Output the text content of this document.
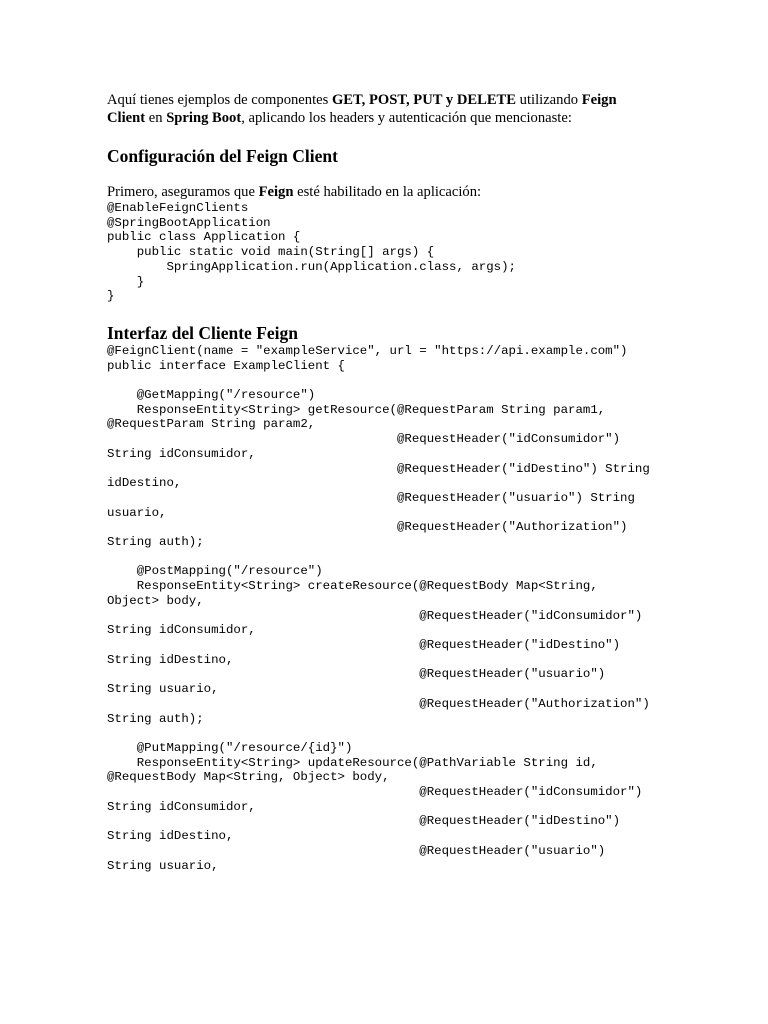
Aquí tienes ejemplos de componentes GET, POST, PUT y DELETE utilizando Feign
Client en Spring Boot, aplicando los headers y autenticación que mencionaste:

Configuración del Feign Client

Primero, aseguramos que Feign esté habilitado en la aplicación:

@EnableFeignClients
@SpringBootApplication
public class Application {
public static void main(String[] args) {
SpringApplication.run(Application.class, args);
}
}
Interfaz del Cliente Feign
@FeignClient(name = "exampleService", url = "https://api.example.com")
public interface ExampleClient {

@GetMapping("/resource")
ResponseEntity<String> getResource(@RequestParam String param1,
@RequestParam String param2,
@RequestHeader("idConsumidor")
String idConsumidor,
@RequestHeader("idDestino") String
idDestino,
@RequestHeader("usuario") String
usuario,
@RequestHeader("Authorization")
String auth);

@PostMapping("/resource")
ResponseEntity<String> createResource(@RequestBody Map<String,
Object> body,
@RequestHeader("idConsumidor")
String idConsumidor,
@RequestHeader("idDestino")
String idDestino,
@RequestHeader("usuario")
String usuario,
@RequestHeader("Authorization")
String auth);

@PutMapping("/resource/{id}")
ResponseEntity<String> updateResource(@PathVariable String id,
@RequestBody Map<String, Object> body,
@RequestHeader("idConsumidor")
String idConsumidor,
@RequestHeader("idDestino")
String idDestino,
@RequestHeader("usuario")
String usuario,
